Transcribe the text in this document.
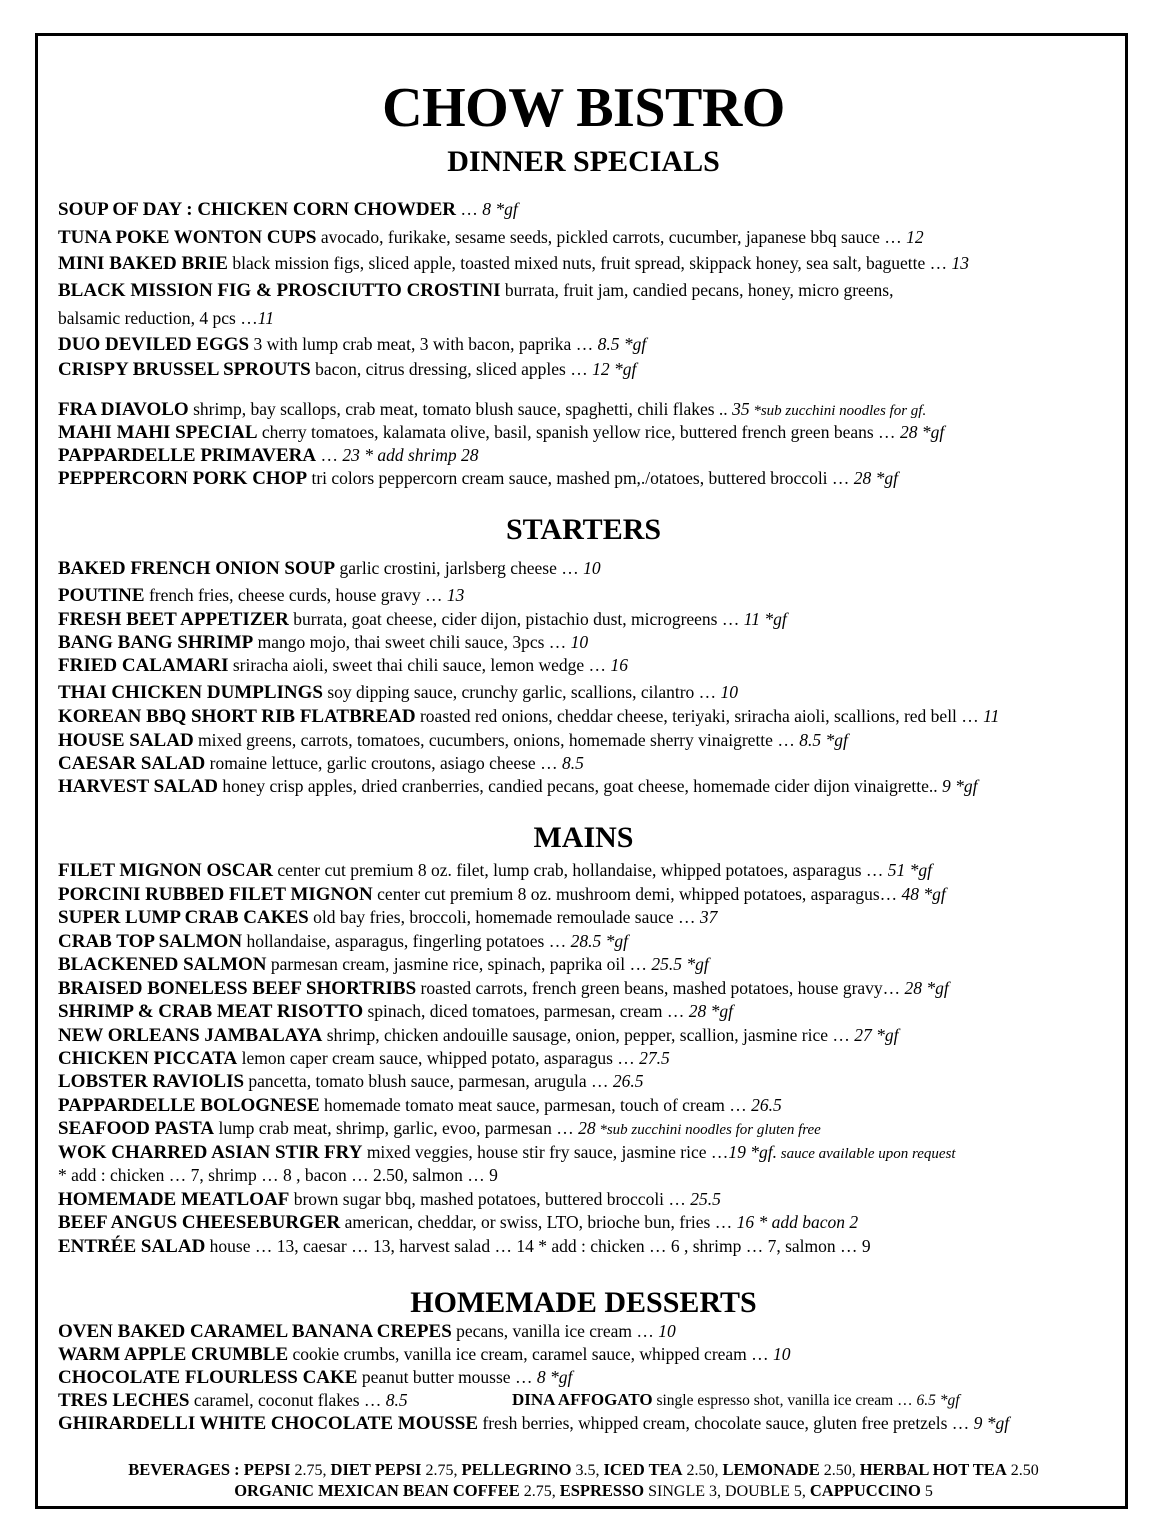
CHOW BISTRO
DINNER SPECIALS
SOUP OF DAY : CHICKEN CORN CHOWDER … 8 *gf
TUNA POKE WONTON CUPS avocado, furikake, sesame seeds, pickled carrots, cucumber, japanese bbq sauce … 12
MINI BAKED BRIE black mission figs, sliced apple, toasted mixed nuts, fruit spread, skippack honey, sea salt, baguette … 13
BLACK MISSION FIG & PROSCIUTTO CROSTINI burrata, fruit jam, candied pecans, honey, micro greens,
balsamic reduction, 4 pcs …11
DUO DEVILED EGGS 3 with lump crab meat, 3 with bacon, paprika … 8.5 *gf
CRISPY BRUSSEL SPROUTS bacon, citrus dressing, sliced apples … 12 *gf
FRA DIAVOLO shrimp, bay scallops, crab meat, tomato blush sauce, spaghetti, chili flakes .. 35 *sub zucchini noodles for gf.
MAHI MAHI SPECIAL cherry tomatoes, kalamata olive, basil, spanish yellow rice, buttered french green beans … 28 *gf
PAPPARDELLE PRIMAVERA … 23 * add shrimp 28
PEPPERCORN PORK CHOP tri colors peppercorn cream sauce, mashed pm,./otatoes, buttered broccoli … 28 *gf
STARTERS
BAKED FRENCH ONION SOUP garlic crostini, jarlsberg cheese … 10
POUTINE french fries, cheese curds, house gravy … 13
FRESH BEET APPETIZER burrata, goat cheese, cider dijon, pistachio dust, microgreens … 11 *gf
BANG BANG SHRIMP mango mojo, thai sweet chili sauce, 3pcs … 10
FRIED CALAMARI sriracha aioli, sweet thai chili sauce, lemon wedge … 16
THAI CHICKEN DUMPLINGS soy dipping sauce, crunchy garlic, scallions, cilantro … 10
KOREAN BBQ SHORT RIB FLATBREAD roasted red onions, cheddar cheese, teriyaki, sriracha aioli, scallions, red bell … 11
HOUSE SALAD mixed greens, carrots, tomatoes, cucumbers, onions, homemade sherry vinaigrette … 8.5 *gf
CAESAR SALAD romaine lettuce, garlic croutons, asiago cheese … 8.5
HARVEST SALAD honey crisp apples, dried cranberries, candied pecans, goat cheese, homemade cider dijon vinaigrette.. 9 *gf
MAINS
FILET MIGNON OSCAR center cut premium 8 oz. filet, lump crab, hollandaise, whipped potatoes, asparagus … 51 *gf
PORCINI RUBBED FILET MIGNON center cut premium 8 oz. mushroom demi, whipped potatoes, asparagus… 48 *gf
SUPER LUMP CRAB CAKES old bay fries, broccoli, homemade remoulade sauce … 37
CRAB TOP SALMON hollandaise, asparagus, fingerling potatoes … 28.5 *gf
BLACKENED SALMON parmesan cream, jasmine rice, spinach, paprika oil … 25.5 *gf
BRAISED BONELESS BEEF SHORTRIBS roasted carrots, french green beans, mashed potatoes, house gravy… 28 *gf
SHRIMP & CRAB MEAT RISOTTO spinach, diced tomatoes, parmesan, cream … 28 *gf
NEW ORLEANS JAMBALAYA shrimp, chicken andouille sausage, onion, pepper, scallion, jasmine rice … 27 *gf
CHICKEN PICCATA lemon caper cream sauce, whipped potato, asparagus … 27.5
LOBSTER RAVIOLIS pancetta, tomato blush sauce, parmesan, arugula … 26.5
PAPPARDELLE BOLOGNESE homemade tomato meat sauce, parmesan, touch of cream … 26.5
SEAFOOD PASTA lump crab meat, shrimp, garlic, evoo, parmesan … 28 *sub zucchini noodles for gluten free
WOK CHARRED ASIAN STIR FRY mixed veggies, house stir fry sauce, jasmine rice …19 *gf. sauce available upon request
* add : chicken … 7, shrimp … 8 , bacon … 2.50, salmon … 9
HOMEMADE MEATLOAF brown sugar bbq, mashed potatoes, buttered broccoli … 25.5
BEEF ANGUS CHEESEBURGER american, cheddar, or swiss, LTO, brioche bun, fries … 16 * add bacon 2
ENTRÉE SALAD house … 13, caesar … 13, harvest salad … 14 * add : chicken … 6 , shrimp … 7, salmon … 9
HOMEMADE DESSERTS
OVEN BAKED CARAMEL BANANA CREPES pecans, vanilla ice cream … 10
WARM APPLE CRUMBLE cookie crumbs, vanilla ice cream, caramel sauce, whipped cream … 10
CHOCOLATE FLOURLESS CAKE peanut butter mousse … 8 *gf
TRES LECHES caramel, coconut flakes … 8.5
GHIRARDELLI WHITE CHOCOLATE MOUSSE fresh berries, whipped cream, chocolate sauce, gluten free pretzels … 9 *gf
DINA AFFOGATO single espresso shot, vanilla ice cream … 6.5 *gf
BEVERAGES : PEPSI 2.75, DIET PEPSI 2.75, PELLEGRINO 3.5, ICED TEA 2.50, LEMONADE 2.50, HERBAL HOT TEA 2.50
ORGANIC MEXICAN BEAN COFFEE 2.75, ESPRESSO SINGLE 3, DOUBLE 5, CAPPUCCINO 5
